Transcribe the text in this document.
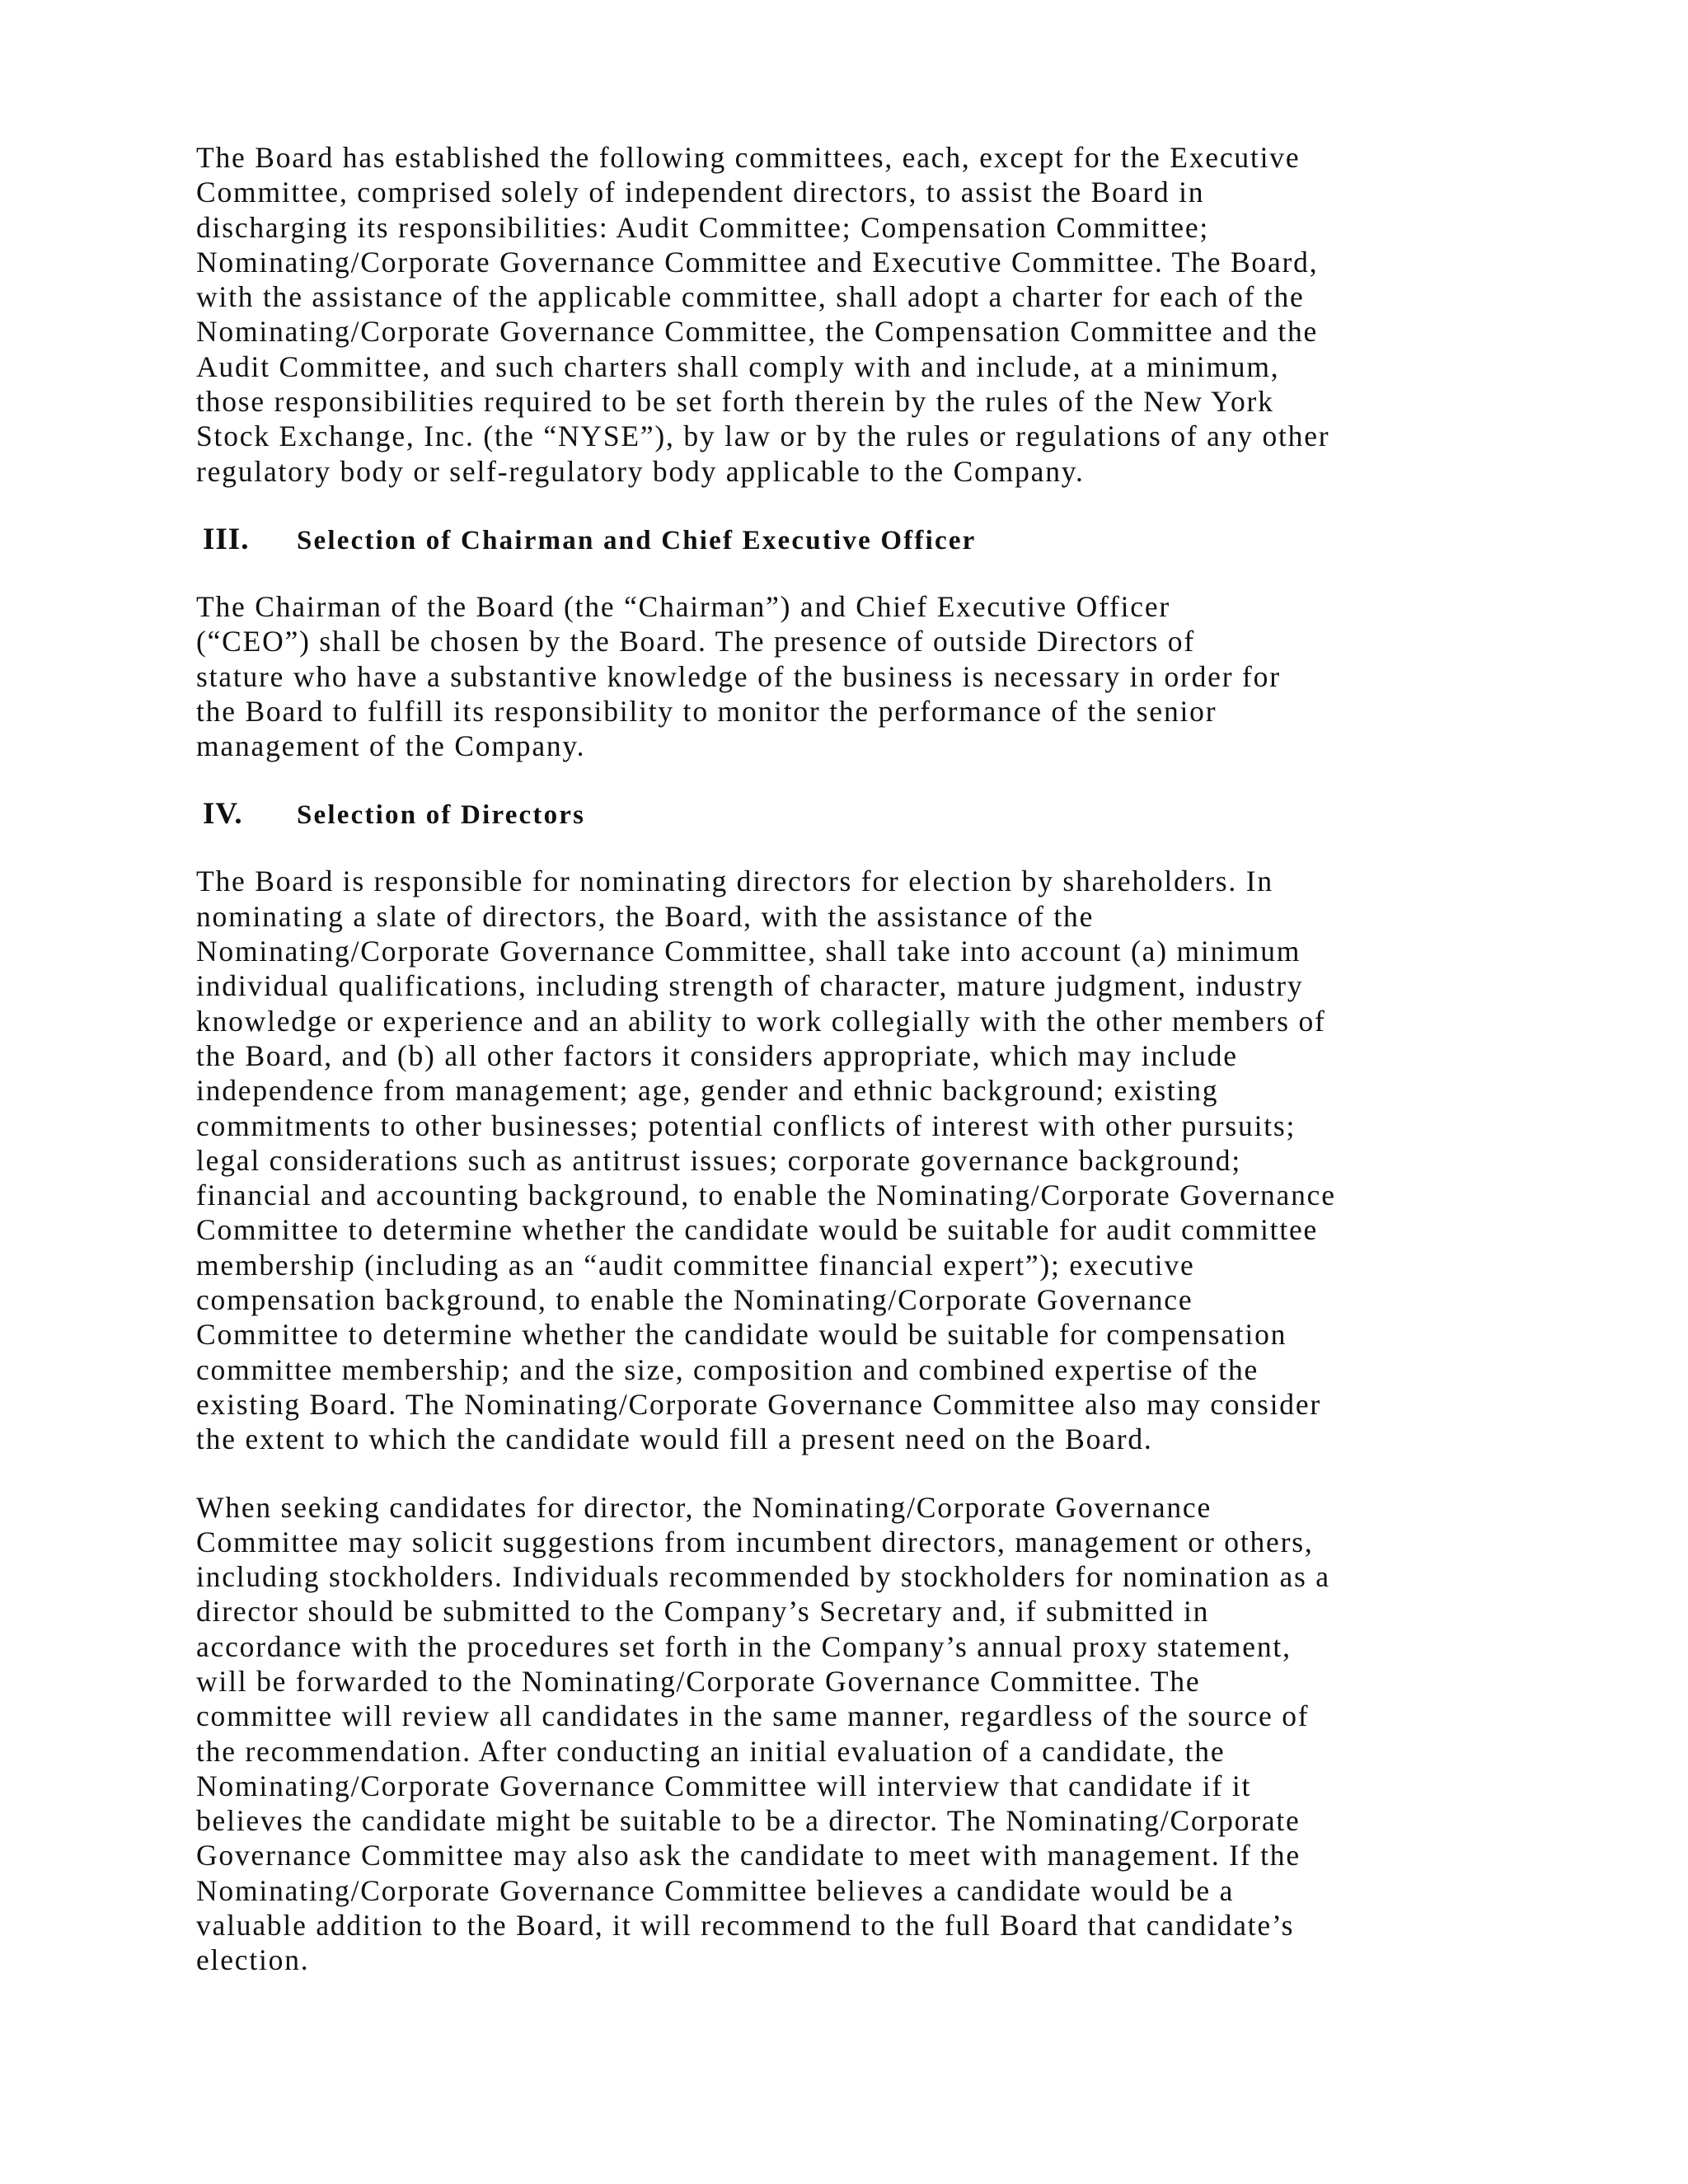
The Board has established the following committees, each, except for the Executive
Committee, comprised solely of independent directors, to assist the Board in
discharging its responsibilities: Audit Committee; Compensation Committee;
Nominating/Corporate Governance Committee and Executive Committee. The Board,
with the assistance of the applicable committee, shall adopt a charter for each of the
Nominating/Corporate Governance Committee, the Compensation Committee and the
Audit Committee, and such charters shall comply with and include, at a minimum,
those responsibilities required to be set forth therein by the rules of the New York
Stock Exchange, Inc. (the “NYSE”), by law or by the rules or regulations of any other
regulatory body or self-regulatory body applicable to the Company.

III.	Selection of Chairman and Chief Executive Officer

The Chairman of the Board (the “Chairman”) and Chief Executive Officer
(“CEO”) shall be chosen by the Board. The presence of outside Directors of
stature who have a substantive knowledge of the business is necessary in order for
the Board to fulfill its responsibility to monitor the performance of the senior
management of the Company.

IV.	Selection of Directors

The Board is responsible for nominating directors for election by shareholders. In
nominating a slate of directors, the Board, with the assistance of the
Nominating/Corporate Governance Committee, shall take into account (a) minimum
individual qualifications, including strength of character, mature judgment, industry
knowledge or experience and an ability to work collegially with the other members of
the Board, and (b) all other factors it considers appropriate, which may include
independence from management; age, gender and ethnic background; existing
commitments to other businesses; potential conflicts of interest with other pursuits;
legal considerations such as antitrust issues; corporate governance background;
financial and accounting background, to enable the Nominating/Corporate Governance
Committee to determine whether the candidate would be suitable for audit committee
membership (including as an “audit committee financial expert”); executive
compensation background, to enable the Nominating/Corporate Governance
Committee to determine whether the candidate would be suitable for compensation
committee membership; and the size, composition and combined expertise of the
existing Board. The Nominating/Corporate Governance Committee also may consider
the extent to which the candidate would fill a present need on the Board.

When seeking candidates for director, the Nominating/Corporate Governance
Committee may solicit suggestions from incumbent directors, management or others,
including stockholders. Individuals recommended by stockholders for nomination as a
director should be submitted to the Company’s Secretary and, if submitted in
accordance with the procedures set forth in the Company’s annual proxy statement,
will be forwarded to the Nominating/Corporate Governance Committee. The
committee will review all candidates in the same manner, regardless of the source of
the recommendation. After conducting an initial evaluation of a candidate, the
Nominating/Corporate Governance Committee will interview that candidate if it
believes the candidate might be suitable to be a director. The Nominating/Corporate
Governance Committee may also ask the candidate to meet with management. If the
Nominating/Corporate Governance Committee believes a candidate would be a
valuable addition to the Board, it will recommend to the full Board that candidate’s
election.
